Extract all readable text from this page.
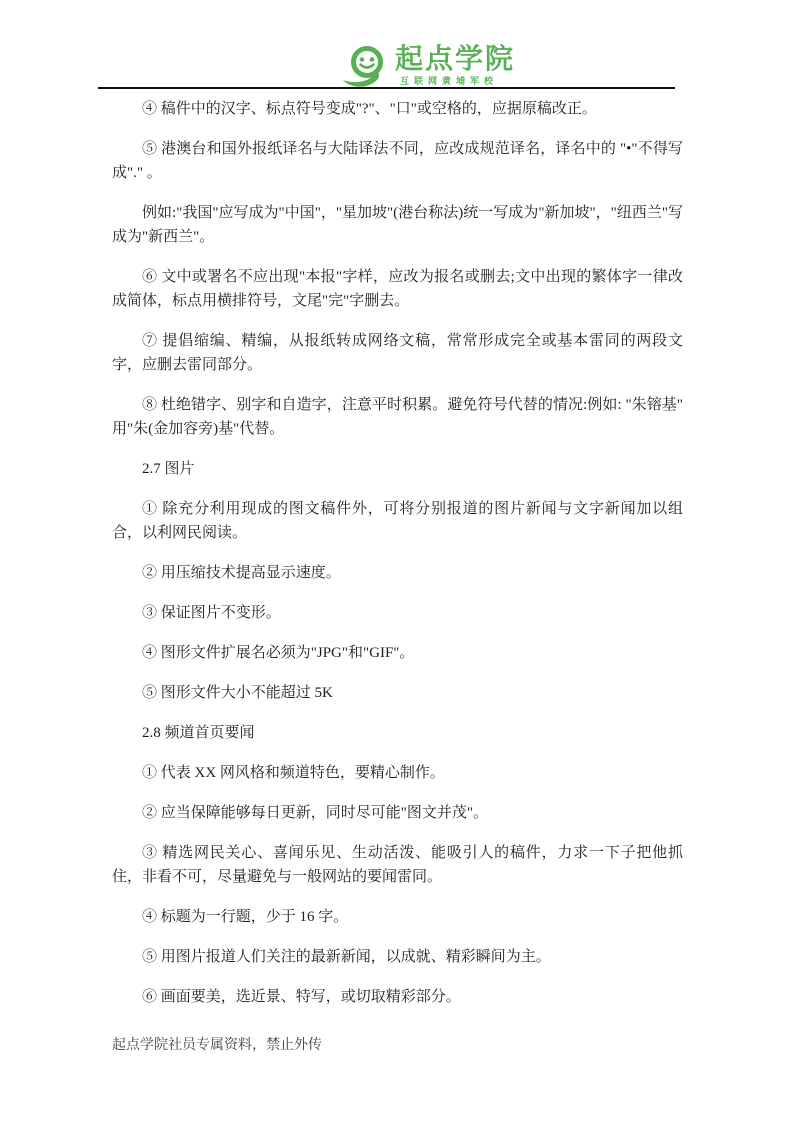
起点学院
互联网黄埔军校

④ 稿件中的汉字、标点符号变成"?"、"口"或空格的，应据原稿改正。

⑤ 港澳台和国外报纸译名与大陆译法不同，应改成规范译名，译名中的 "•"不得写成"." 。

例如:"我国"应写成为"中国"，"星加坡"(港台称法)统一写成为"新加坡"，"纽西兰"写成为"新西兰"。

⑥ 文中或署名不应出现"本报"字样，应改为报名或删去;文中出现的繁体字一律改成简体，标点用横排符号，文尾"完"字删去。

⑦ 提倡缩编、精编，从报纸转成网络文稿，常常形成完全或基本雷同的两段文字，应删去雷同部分。

⑧ 杜绝错字、别字和自造字，注意平时积累。避免符号代替的情况:例如: "朱镕基" 用"朱(金加容旁)基"代替。

2.7 图片

① 除充分利用现成的图文稿件外，可将分别报道的图片新闻与文字新闻加以组合，以利网民阅读。

② 用压缩技术提高显示速度。

③ 保证图片不变形。

④ 图形文件扩展名必须为"JPG"和"GIF"。

⑤ 图形文件大小不能超过 5K

2.8 频道首页要闻

① 代表 XX 网风格和频道特色，要精心制作。

② 应当保障能够每日更新，同时尽可能"图文并茂"。

③ 精选网民关心、喜闻乐见、生动活泼、能吸引人的稿件，力求一下子把他抓住，非看不可，尽量避免与一般网站的要闻雷同。

④ 标题为一行题，少于 16 字。

⑤ 用图片报道人们关注的最新新闻，以成就、精彩瞬间为主。

⑥ 画面要美，选近景、特写，或切取精彩部分。

起点学院社员专属资料，禁止外传
